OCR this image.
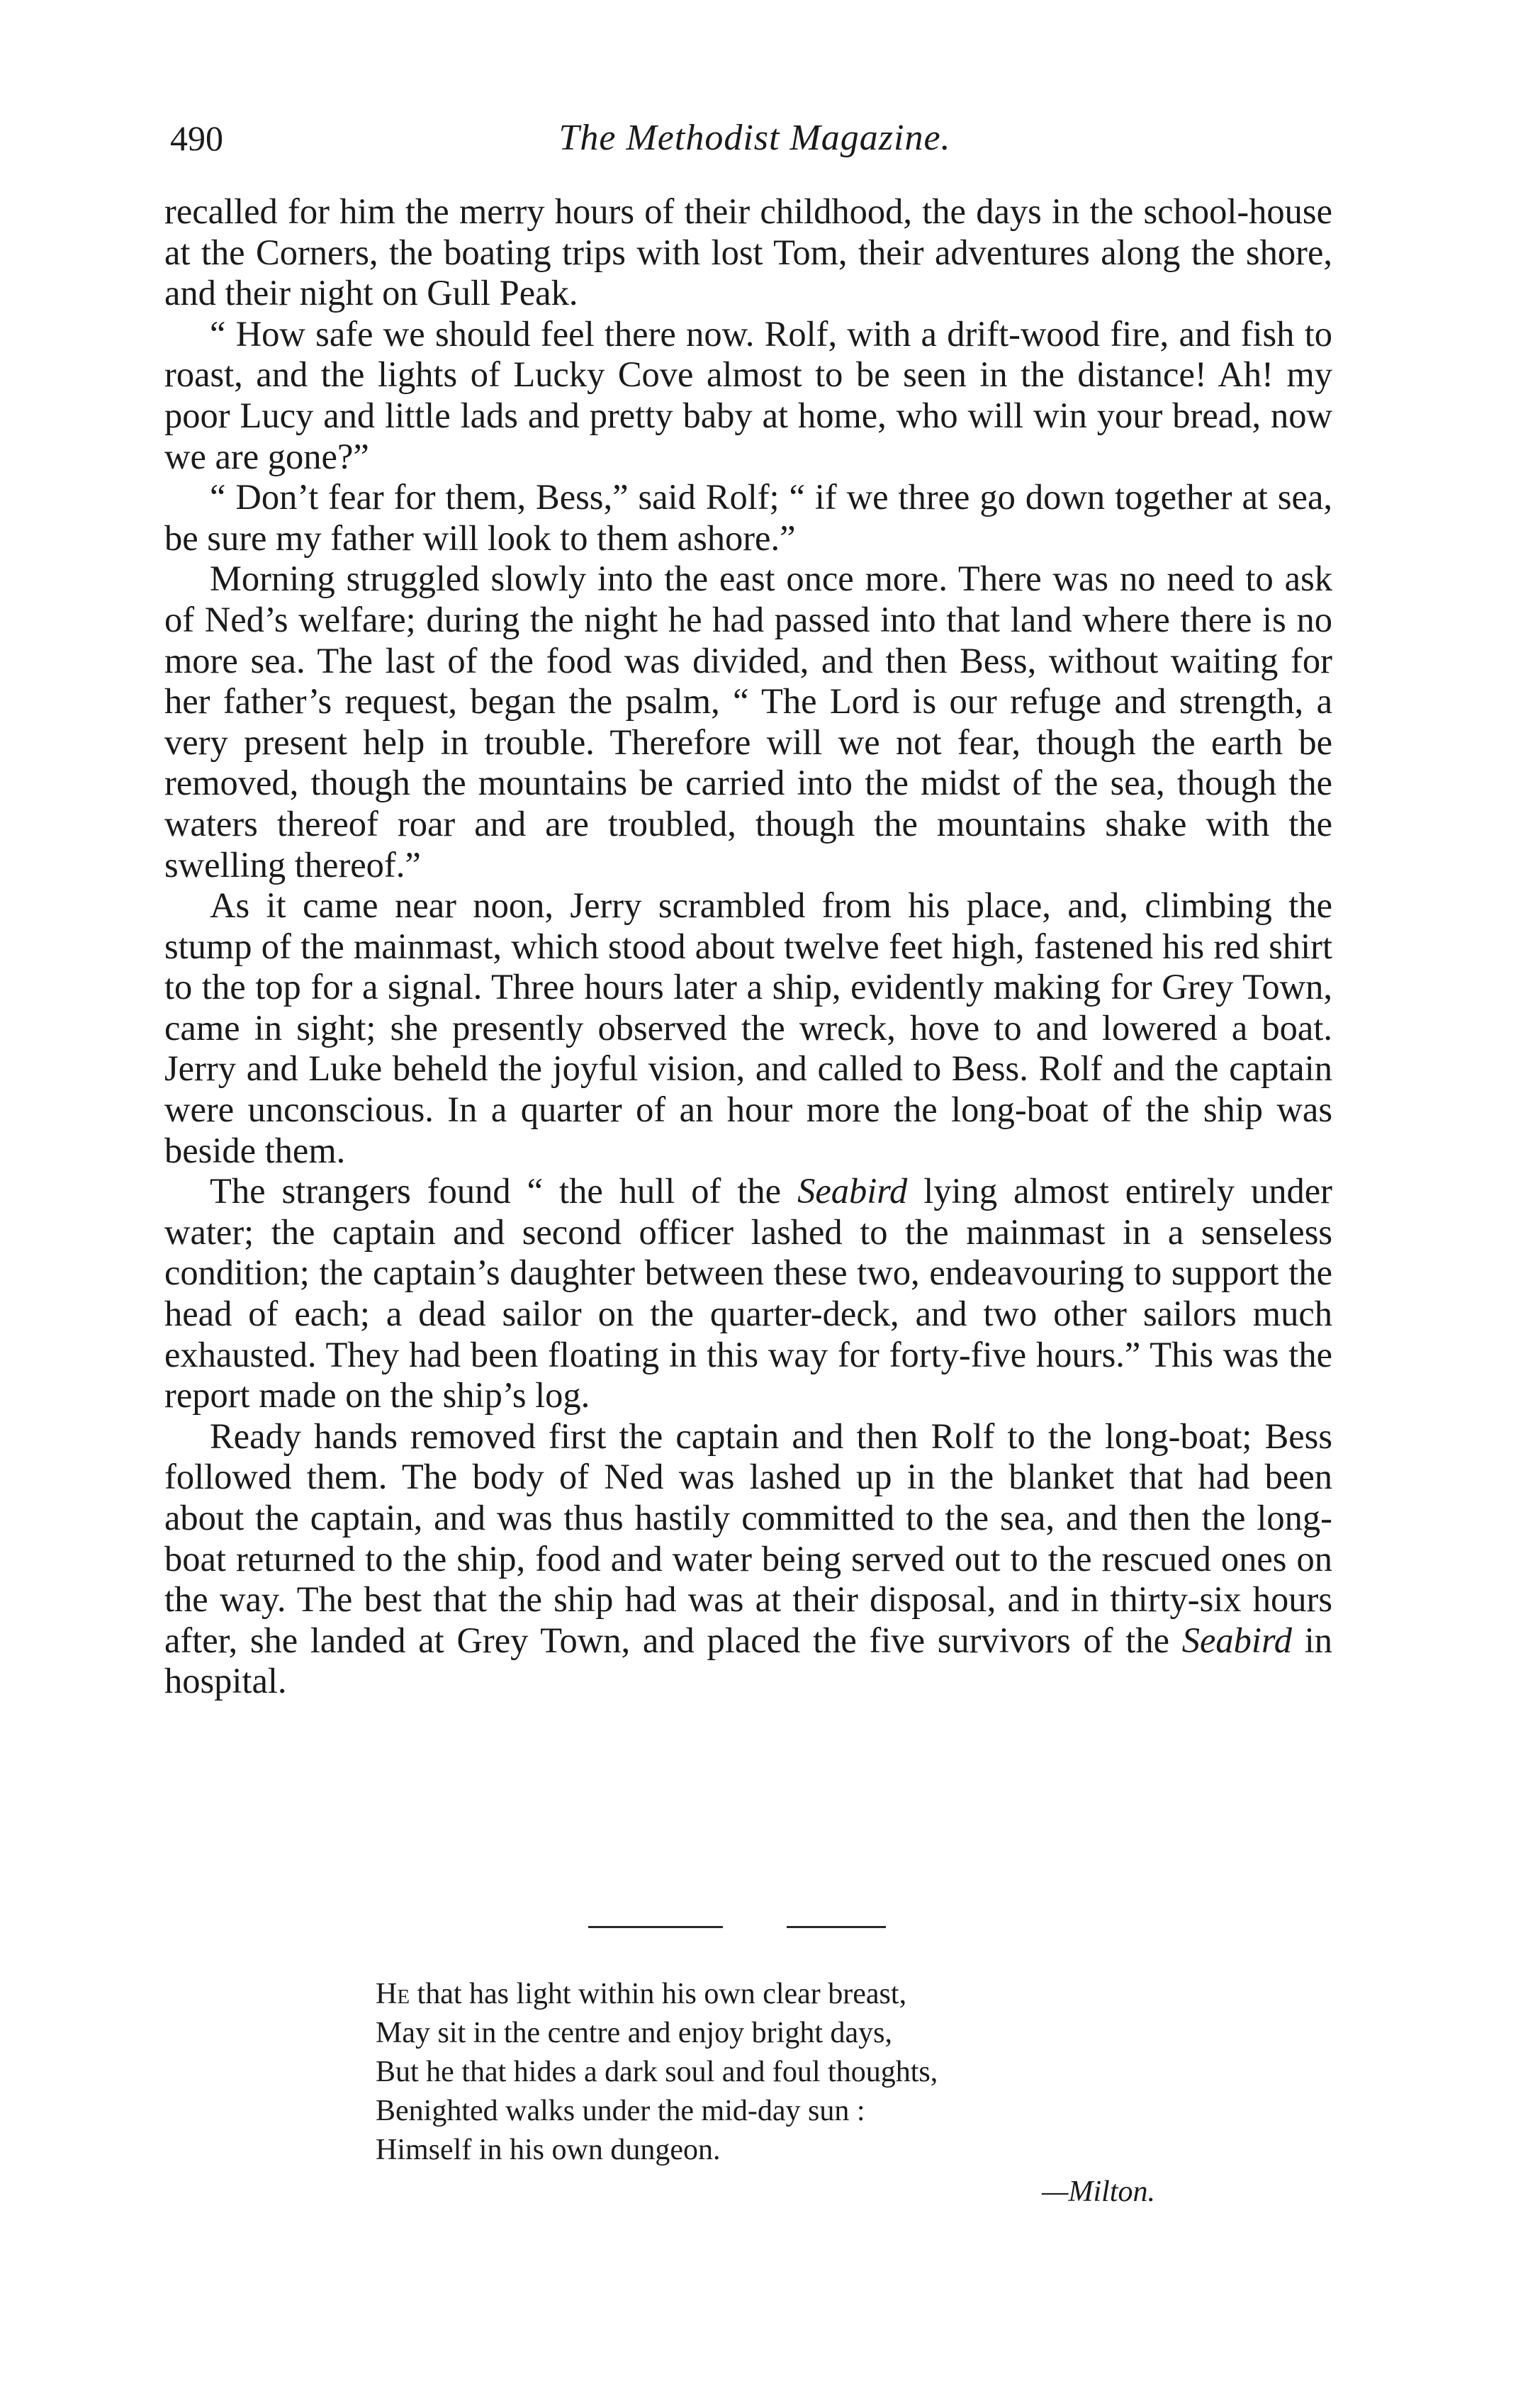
490	The Methodist Magazine.

recalled for him the merry hours of their childhood, the days in the school-house at the Corners, the boating trips with lost Tom, their adventures along the shore, and their night on Gull Peak.

“ How safe we should feel there now. Rolf, with a drift-wood fire, and fish to roast, and the lights of Lucky Cove almost to be seen in the distance! Ah! my poor Lucy and little lads and pretty baby at home, who will win your bread, now we are gone?”

“ Don’t fear for them, Bess,” said Rolf; “ if we three go down together at sea, be sure my father will look to them ashore.”

Morning struggled slowly into the east once more. There was no need to ask of Ned’s welfare; during the night he had passed into that land where there is no more sea. The last of the food was divided, and then Bess, without waiting for her father’s request, began the psalm, “ The Lord is our refuge and strength, a very present help in trouble. Therefore will we not fear, though the earth be removed, though the mountains be carried into the midst of the sea, though the waters thereof roar and are troubled, though the mountains shake with the swelling thereof.”

As it came near noon, Jerry scrambled from his place, and, climbing the stump of the mainmast, which stood about twelve feet high, fastened his red shirt to the top for a signal. Three hours later a ship, evidently making for Grey Town, came in sight; she presently observed the wreck, hove to and lowered a boat. Jerry and Luke beheld the joyful vision, and called to Bess. Rolf and the captain were unconscious. In a quarter of an hour more the long-boat of the ship was beside them.

The strangers found “ the hull of the Seabird lying almost entirely under water; the captain and second officer lashed to the mainmast in a senseless condition; the captain’s daughter between these two, endeavouring to support the head of each; a dead sailor on the quarter-deck, and two other sailors much exhausted. They had been floating in this way for forty-five hours.” This was the report made on the ship’s log.

Ready hands removed first the captain and then Rolf to the long-boat; Bess followed them. The body of Ned was lashed up in the blanket that had been about the captain, and was thus hastily committed to the sea, and then the long-boat returned to the ship, food and water being served out to the rescued ones on the way. The best that the ship had was at their disposal, and in thirty-six hours after, she landed at Grey Town, and placed the five survivors of the Seabird in hospital.

He that has light within his own clear breast,
May sit in the centre and enjoy bright days,
But he that hides a dark soul and foul thoughts,
Benighted walks under the mid-day sun :
Himself in his own dungeon.
—Milton.
